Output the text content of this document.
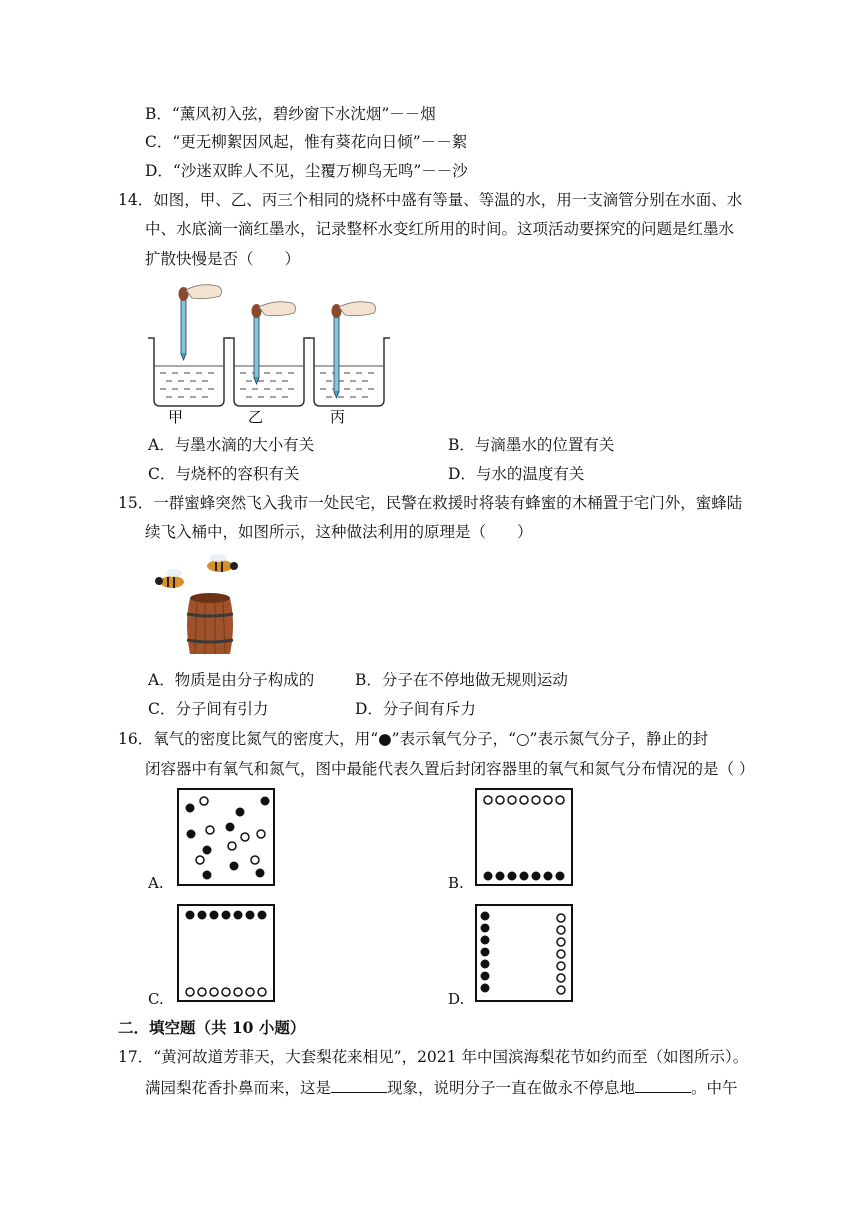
B．“薰风初入弦，碧纱窗下水沈烟”－－烟
C．“更无柳絮因风起，惟有葵花向日倾”－－絮
D．“沙迷双眸人不见，尘覆万柳鸟无鸣”－－沙
14．如图，甲、乙、丙三个相同的烧杯中盛有等量、等温的水，用一支滴管分别在水面、水
中、水底滴一滴红墨水，记录整杯水变红所用的时间。这项活动要探究的问题是红墨水
扩散快慢是否（　　）
甲	乙	丙
A．与墨水滴的大小有关	B．与滴墨水的位置有关
C．与烧杯的容积有关	D．与水的温度有关
15．一群蜜蜂突然飞入我市一处民宅，民警在救援时将装有蜂蜜的木桶置于宅门外，蜜蜂陆
续飞入桶中，如图所示，这种做法利用的原理是（　　）
A．物质是由分子构成的	B．分子在不停地做无规则运动
C．分子间有引力	D．分子间有斥力
16．氧气的密度比氮气的密度大，用“●”表示氧气分子，“○”表示氮气分子，静止的封
闭容器中有氧气和氮气，图中最能代表久置后封闭容器里的氧气和氮气分布情况的是（ ）
A.	B.
C.	D.
二．填空题（共 10 小题）
17．“黄河故道芳菲天，大套梨花来相见”，2021 年中国滨海梨花节如约而至（如图所示）。
满园梨花香扑鼻而来，这是	现象，说明分子一直在做永不停息地	。中午
